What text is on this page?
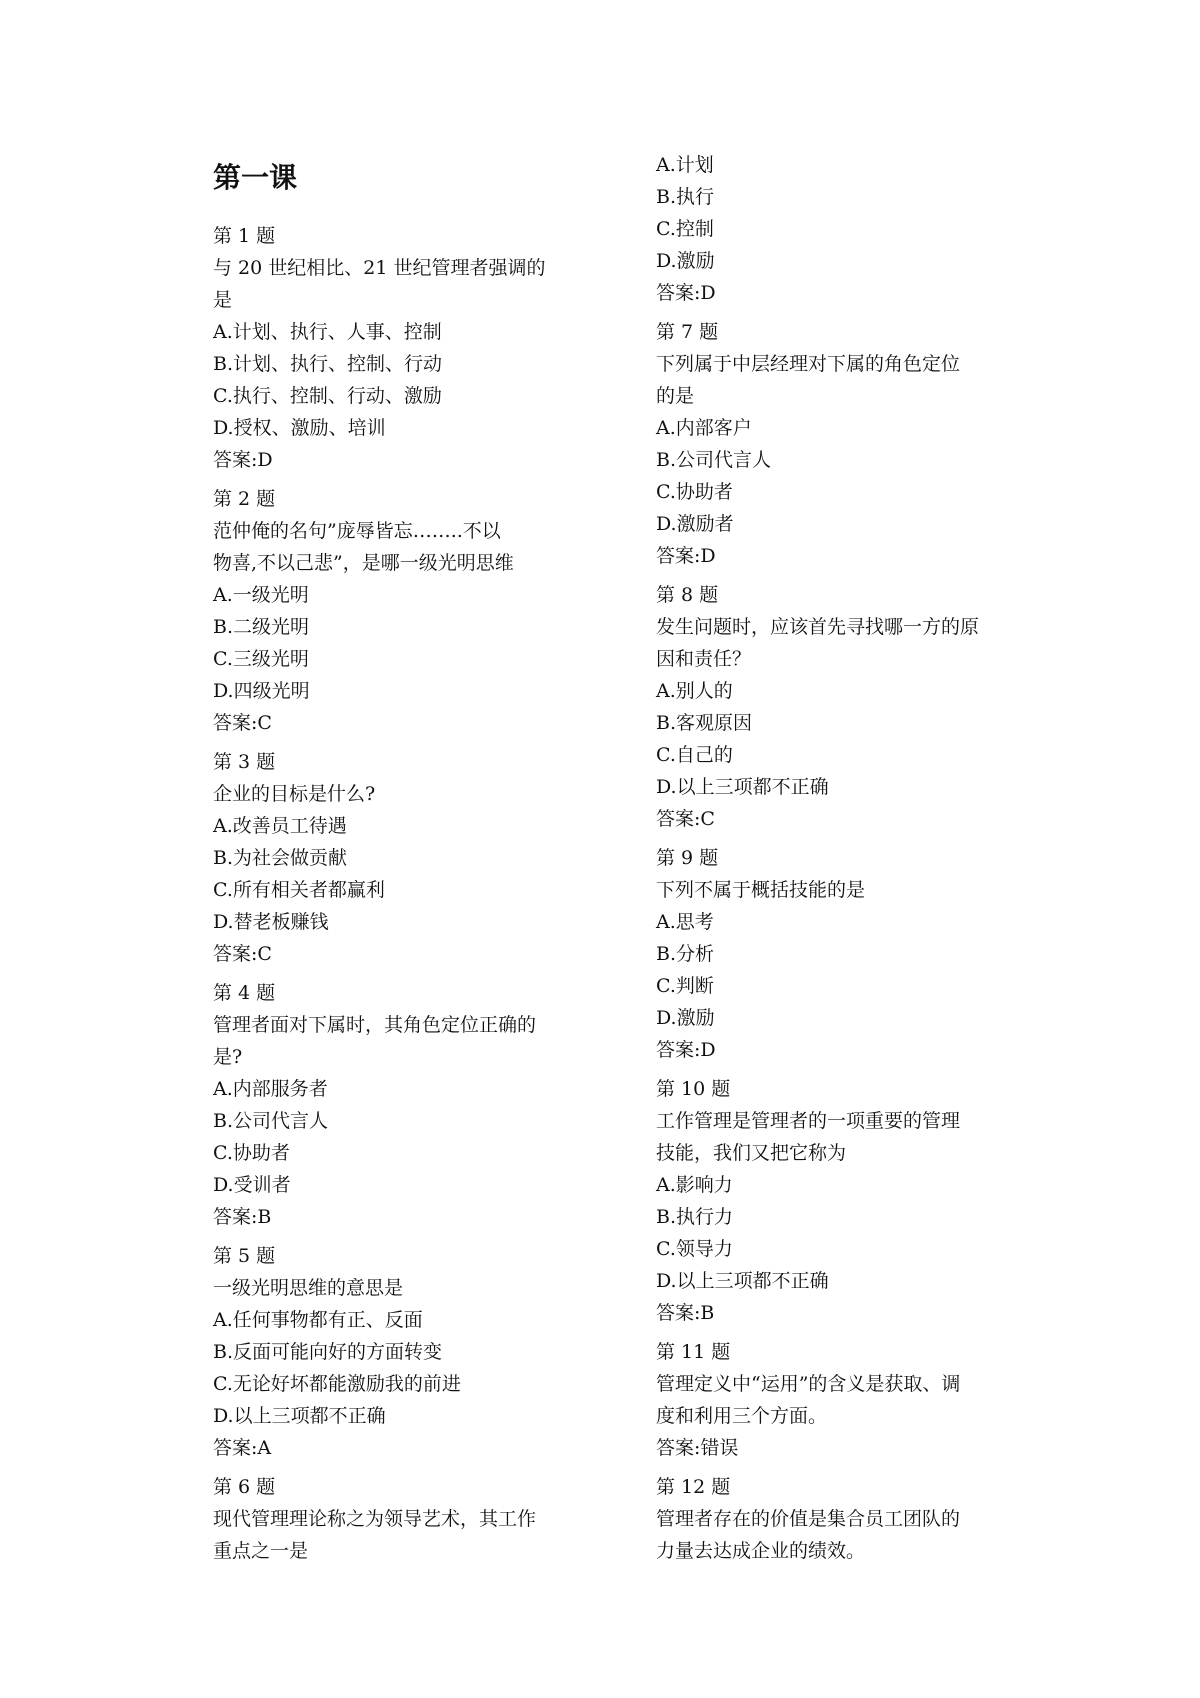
第一课
第 1 题
与 20 世纪相比、21 世纪管理者强调的
是
A.计划、执行、人事、控制
B.计划、执行、控制、行动
C.执行、控制、行动、激励
D.授权、激励、培训
答案:D
第 2 题
范仲俺的名句”庞辱皆忘……..不以
物喜,不以己悲”，是哪一级光明思维
A.一级光明
B.二级光明
C.三级光明
D.四级光明
答案:C
第 3 题
企业的目标是什么?
A.改善员工待遇
B.为社会做贡献
C.所有相关者都赢利
D.替老板赚钱
答案:C
第 4 题
管理者面对下属时，其角色定位正确的
是?
A.内部服务者
B.公司代言人
C.协助者
D.受训者
答案:B
第 5 题
一级光明思维的意思是
A.任何事物都有正、反面
B.反面可能向好的方面转变
C.无论好坏都能激励我的前进
D.以上三项都不正确
答案:A
第 6 题
现代管理理论称之为领导艺术，其工作
重点之一是
A.计划
B.执行
C.控制
D.激励
答案:D
第 7 题
下列属于中层经理对下属的角色定位
的是
A.内部客户
B.公司代言人
C.协助者
D.激励者
答案:D
第 8 题
发生问题时，应该首先寻找哪一方的原
因和责任？
A.别人的
B.客观原因
C.自己的
D.以上三项都不正确
答案:C
第 9 题
下列不属于概括技能的是
A.思考
B.分析
C.判断
D.激励
答案:D
第 10 题
工作管理是管理者的一项重要的管理
技能，我们又把它称为
A.影响力
B.执行力
C.领导力
D.以上三项都不正确
答案:B
第 11 题
管理定义中“运用”的含义是获取、调
度和利用三个方面。
答案:错误
第 12 题
管理者存在的价值是集合员工团队的
力量去达成企业的绩效。
